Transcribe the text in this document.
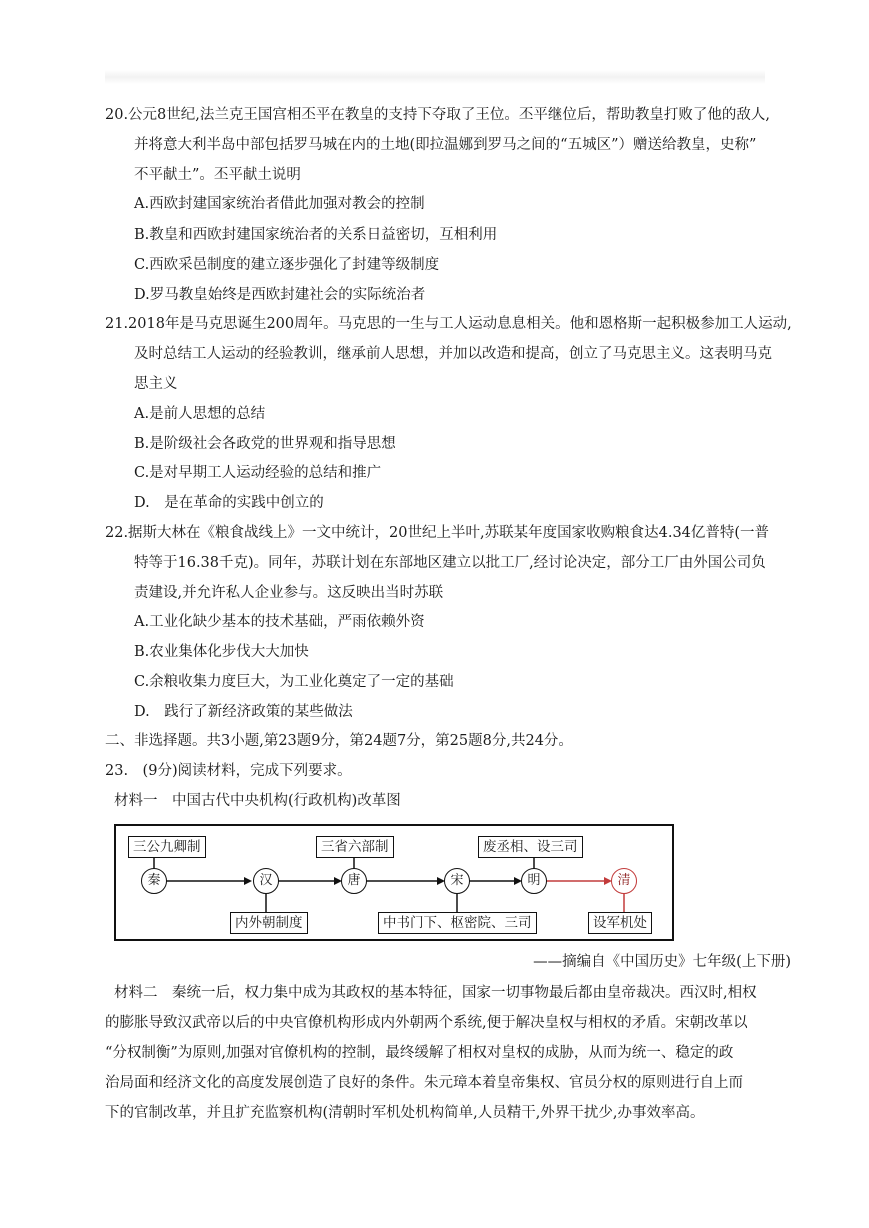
20.公元8世纪,法兰克王国宫相丕平在教皇的支持下夺取了王位。丕平继位后，帮助教皇打败了他的敌人,
并将意大利半岛中部包括罗马城在内的土地(即拉温娜到罗马之间的“五城区”）赠送给教皇，史称”
不平献土”。丕平献土说明
A.西欧封建国家统治者借此加强对教会的控制
B.教皇和西欧封建国家统治者的关系日益密切，互相利用
C.西欧采邑制度的建立逐步强化了封建等级制度
D.罗马教皇始终是西欧封建社会的实际统治者
21.2018年是马克思诞生200周年。马克思的一生与工人运动息息相关。他和恩格斯一起积极参加工人运动,
及时总结工人运动的经验教训，继承前人思想，并加以改造和提高，创立了马克思主义。这表明马克
思主义
A.是前人思想的总结
B.是阶级社会各政党的世界观和指导思想
C.是对早期工人运动经验的总结和推广
D.　是在革命的实践中创立的
22.据斯大林在《粮食战线上》一文中统计，20世纪上半叶,苏联某年度国家收购粮食达4.34亿普特(一普
特等于16.38千克)。同年，苏联计划在东部地区建立以批工厂,经讨论决定，部分工厂由外国公司负
责建设,并允许私人企业参与。这反映出当时苏联
A.工业化缺少基本的技术基础，严雨依赖外资
B.农业集体化步伐大大加快
C.余粮收集力度巨大，为工业化奠定了一定的基础
D.　践行了新经济政策的某些做法
二、非选择题。共3小题,第23题9分，第24题7分，第25题8分,共24分。
23.　(9分)阅读材料，完成下列要求。
材料一　中国古代中央机构(行政机构)改革图
三公九卿制	三省六部制	废丞相、设三司
秦	汉	唐	宋	明	清
内外朝制度	中书门下、枢密院、三司	设军机处
——摘编自《中国历史》七年级(上下册)
材料二　秦统一后，权力集中成为其政权的基本特征，国家一切事物最后都由皇帝裁决。西汉时,相权
的膨胀导致汉武帝以后的中央官僚机构形成内外朝两个系统,便于解决皇权与相权的矛盾。宋朝改革以
“分权制衡”为原则,加强对官僚机构的控制，最终缓解了相权对皇权的成胁，从而为统一、稳定的政
治局面和经济文化的高度发展创造了良好的条件。朱元璋本着皇帝集权、官员分权的原则进行自上而
下的官制改革，并且扩充监察机构(清朝时军机处机构简单,人员精干,外界干扰少,办事效率高。
